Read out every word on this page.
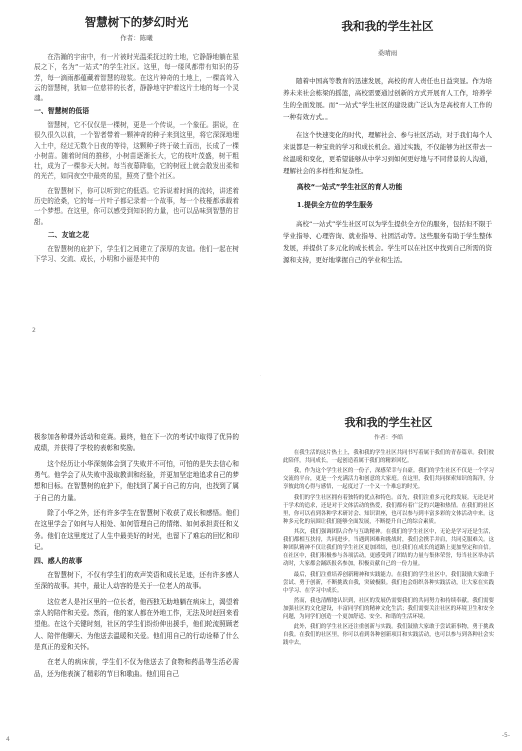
智慧树下的梦幻时光
作者：陈曦

在浩瀚的宇宙中，有一片被时光温柔抚过的土地，它静静地躺在星辰之下，名为“一站式”的学生社区。这里，每一缕风都带有知识的芬芳，每一滴雨都蕴藏着智慧的琼浆。在这片神奇的土地上，一棵高耸入云的智慧树，犹如一位慈祥的长者，静静地守护着这片土地的每一个灵魂。

一、智慧树的低语

智慧树，它不仅仅是一棵树，更是一个传说，一个象征。据说，在很久很久以前，一个智者带着一颗神奇的种子来到这里，将它深深地埋入土中，经过无数个日夜的等待，这颗种子终于破土而出，长成了一棵小树苗。随着时间的推移，小树苗逐渐长大，它的枝叶茂盛，树干粗壮，成为了一棵参天大树。每当夜幕降临，它的树冠上就会散发出柔和的光芒，如同夜空中最亮的星，照亮了整个社区。

在智慧树下，你可以听到它的低语。它诉说着时间的流转，讲述着历史的沧桑，它的每一片叶子都记录着一个故事，每一个枝桠都承载着一个梦想。在这里，你可以感受到知识的力量，也可以品味到智慧的甘甜。

二、友谊之花

在智慧树的庇护下，学生们之间建立了深厚的友谊。他们一起在树下学习、交流、成长，小明和小丽是其中的

2
我和我的学生社区
桑晴雨

随着中国高等教育的迅速发展，高校的育人责任也日益突显。作为培养未来社会栋梁的摇篮，高校需要通过创新的方式开展育人工作，培养学生的全面发展。而“一站式”学生社区的建设就广泛认为是高校育人工作的一种有效方式。。

在这个快速变化的时代，理解社会、参与社区活动，对于我们每个人来说都是一种宝贵的学习和成长机会。通过实践，不仅能够为社区带去一丝温暖和变化，更希望能够从中学习到如何更好地与不同背景的人沟通，理解社会的多样性和复杂性。

高校“一站式”学生社区的育人功能
1.提供全方位的学生服务

高校“一站式”学生社区可以为学生提供全方位的服务，包括但不限于学业指导、心理咨询、就业指导、社团活动等。这些服务有助于学生整体发展，并提供了多元化的成长机会。学生可以在社区中找到自己所需的资源和支持，更好地掌握自己的学业和生活。

极参加各种课外活动和竞赛。最终，他在下一次的考试中取得了优异的成绩，并获得了学校的表彰和奖励。

这个经历让小华深刻体会到了失败并不可怕，可怕的是失去信心和勇气。他学会了从失败中汲取教训和经验，并更加坚定地追求自己的梦想和目标。在智慧树的庇护下，他找到了属于自己的方向，也找到了属于自己的力量。

除了小华之外，还有许多学生在智慧树下收获了成长和感悟。他们在这里学会了如何与人相处、如何管理自己的情绪、如何承担责任和义务。他们在这里度过了人生中最美好的时光，也留下了难忘的回忆和印记。

四、感人的故事

在智慧树下，不仅有学生们的欢声笑语和成长足迹，还有许多感人至深的故事。其中，最让人动容的是关于一位老人的故事。

这位老人是社区里的一位长者，他西独无助地躺在病床上，渴望着亲人的陪伴和关爱。然而，他的家人都在外地工作，无法及时赶回来看望他。在这个关键时刻，社区的学生们纷纷伸出援手，他们轮流照顾老人、陪伴他聊天、为他送去温暖和关爱。他们用自己的行动诠释了什么是真正的爱和关怀。

在老人的病床前，学生们不仅为他送去了食物和药品等生活必需品，还为他表演了精彩的节目和歌曲。他们用自己

4
我和我的学生社区
作者：李皓

在我生活的这片热土上，我和我的学生社区共同书写着属于我们的青春篇章。我们彼此陪伴，共同成长，一起创造着属于我们的精彩回忆。

我，作为这个学生社区的一份子，深感荣幸与自豪。我们的学生社区不仅是一个学习交流的平台，更是一个充满活力和创意的大家庭。在这里，我们共同探索知识的海洋，分享彼此的心得与感悟，一起度过了一个又一个难忘的时光。

我们的学生社区拥有着独特的优点和特色。首先，我们注重多元化的发展。无论是对于学术的追求，还是对于文体活动的热爱，我们都有着广泛的兴趣和热情。在我们的社区里，你可以看到各种学术研讨会、知识讲座，也可以参与到丰富多彩的文体活动中来。这种多元化的氛围让我们能够全面发展，不断提升自己的综合素质。

其次，我们强调团队合作与互助精神。在我们的学生社区中，无论是学习还是生活，我们都相互扶持，共同进步。当遇到困难和挑战时，我们会携手并肩，共同克服难关。这种团队精神不仅让我们的学生社区更加团结，也让我们在成长的道路上更加坚定和自信。在社区中，我们积极参与各项活动，更感受到了团结的力量与集体荣誉，每当社区举办活动时，大家都会踊跃报名参加，积极贡献自己的一份力量。

最后，我们注重培养创新精神和实践能力。在我们的学生社区中，我们鼓励大家敢于尝试、勇于创新，不断挑战自我，突破极限。我们也会组织各种实践活动，让大家在实践中学习、在学习中成长。

然而，我也清醒地认识到，社区的发展仍需要我们的共同努力和持续奉献。我们需要加强社区的文化建设，丰富同学们的精神文化生活；我们需要关注社区的环境卫生和安全问题，为同学们创造一个更加舒适、安全、和谐的生活环境。

此外，我们的学生社区还注重创新与实践。我们鼓励大家敢于尝试新事物，勇于挑战自我。在我们的社区里，你可以看到各种创新项目和实践活动，也可以参与到各种社会实践中去，

-5-
